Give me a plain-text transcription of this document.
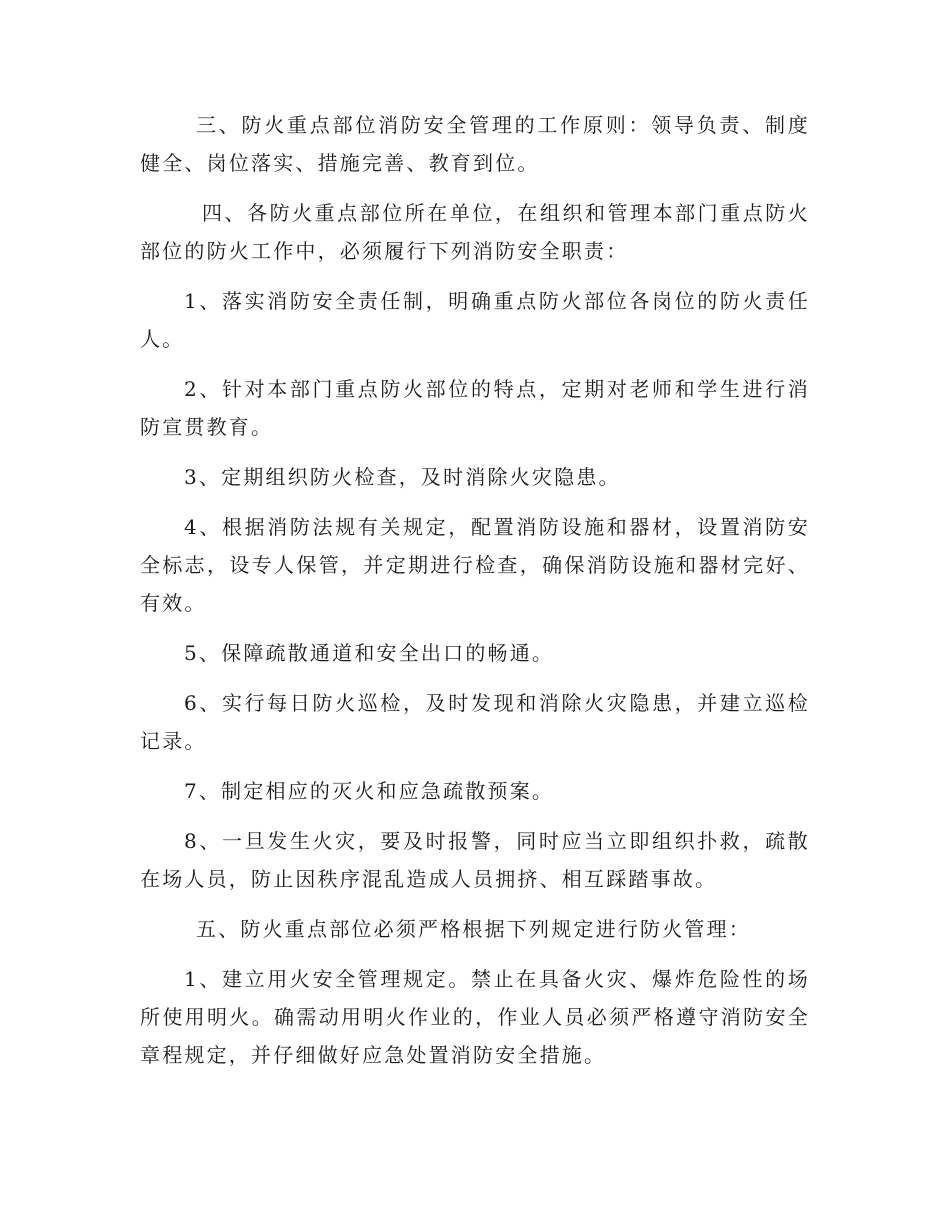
三、防火重点部位消防安全管理的工作原则：领导负责、制度健全、岗位落实、措施完善、教育到位。

四、各防火重点部位所在单位，在组织和管理本部门重点防火部位的防火工作中，必须履行下列消防安全职责：

1、落实消防安全责任制，明确重点防火部位各岗位的防火责任人。

2、针对本部门重点防火部位的特点，定期对老师和学生进行消防宣贯教育。

3、定期组织防火检查，及时消除火灾隐患。

4、根据消防法规有关规定，配置消防设施和器材，设置消防安全标志，设专人保管，并定期进行检查，确保消防设施和器材完好、有效。

5、保障疏散通道和安全出口的畅通。

6、实行每日防火巡检，及时发现和消除火灾隐患，并建立巡检记录。

7、制定相应的灭火和应急疏散预案。

8、一旦发生火灾，要及时报警，同时应当立即组织扑救，疏散在场人员，防止因秩序混乱造成人员拥挤、相互踩踏事故。

五、防火重点部位必须严格根据下列规定进行防火管理：

1、建立用火安全管理规定。禁止在具备火灾、爆炸危险性的场所使用明火。确需动用明火作业的，作业人员必须严格遵守消防安全章程规定，并仔细做好应急处置消防安全措施。
